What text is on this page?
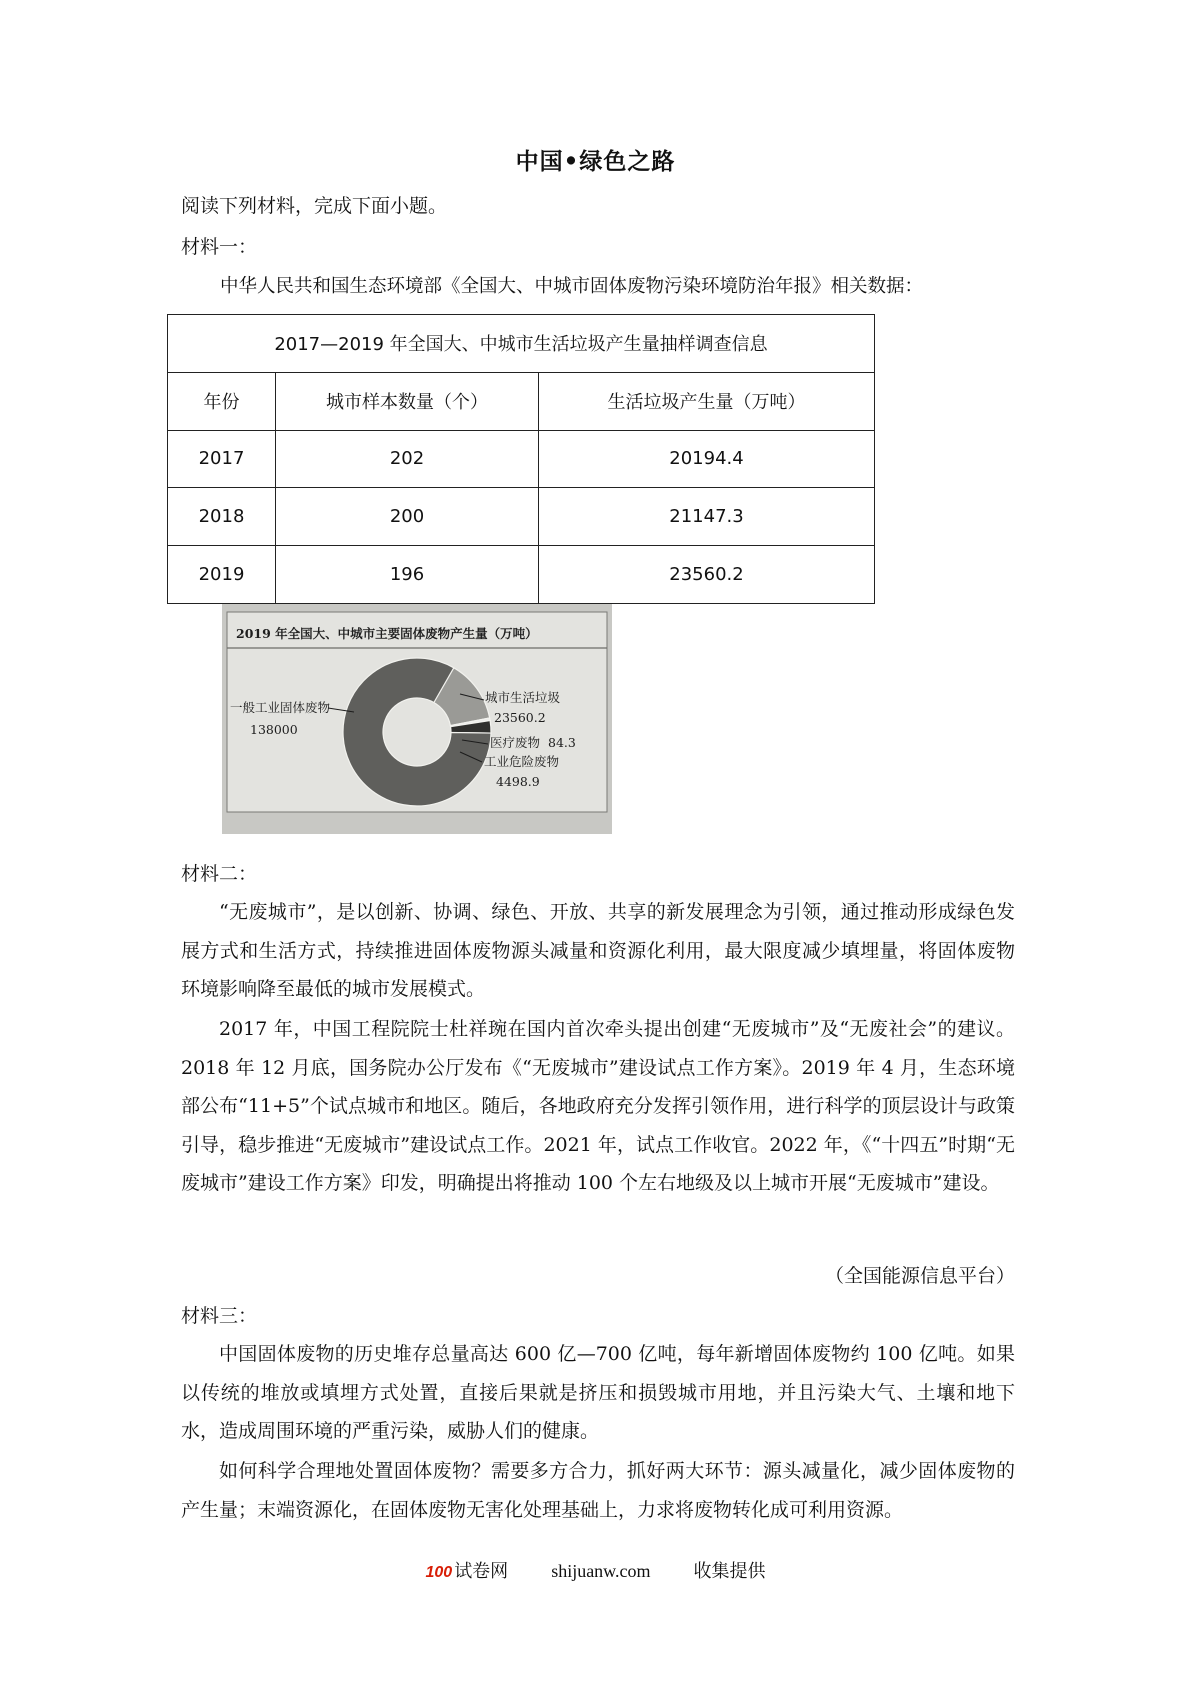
中国•绿色之路
阅读下列材料，完成下面小题。
材料一：
中华人民共和国生态环境部《全国大、中城市固体废物污染环境防治年报》相关数据：
2017—2019 年全国大、中城市生活垃圾产生量抽样调查信息		
年份	城市样本数量（个）	生活垃圾产生量（万吨）
2017	202	20194.4
2018	200	21147.3
2019	196	23560.2
2019 年全国大、中城市主要固体废物产生量（万吨）
一般工业固体废物
138000
城市生活垃圾
23560.2
医疗废物 84.3
工业危险废物
4498.9
材料二：
“无废城市”，是以创新、协调、绿色、开放、共享的新发展理念为引领，通过推动形成绿色发展方式和生活方式，持续推进固体废物源头减量和资源化利用，最大限度减少填埋量，将固体废物环境影响降至最低的城市发展模式。
2017 年，中国工程院院士杜祥琬在国内首次牵头提出创建“无废城市”及“无废社会”的建议。2018 年 12 月底，国务院办公厅发布《“无废城市”建设试点工作方案》。2019 年 4 月，生态环境部公布“11+5”个试点城市和地区。随后，各地政府充分发挥引领作用，进行科学的顶层设计与政策引导，稳步推进“无废城市”建设试点工作。2021 年，试点工作收官。2022 年，《“十四五”时期“无废城市”建设工作方案》印发，明确提出将推动 100 个左右地级及以上城市开展“无废城市”建设。
（全国能源信息平台）
材料三：
中国固体废物的历史堆存总量高达 600 亿—700 亿吨，每年新增固体废物约 100 亿吨。如果以传统的堆放或填埋方式处置，直接后果就是挤压和损毁城市用地，并且污染大气、土壤和地下水，造成周围环境的严重污染，威胁人们的健康。
如何科学合理地处置固体废物？需要多方合力，抓好两大环节：源头减量化，减少固体废物的产生量；末端资源化，在固体废物无害化处理基础上，力求将废物转化成可利用资源。
100 试卷网 shijuanw.com 收集提供
